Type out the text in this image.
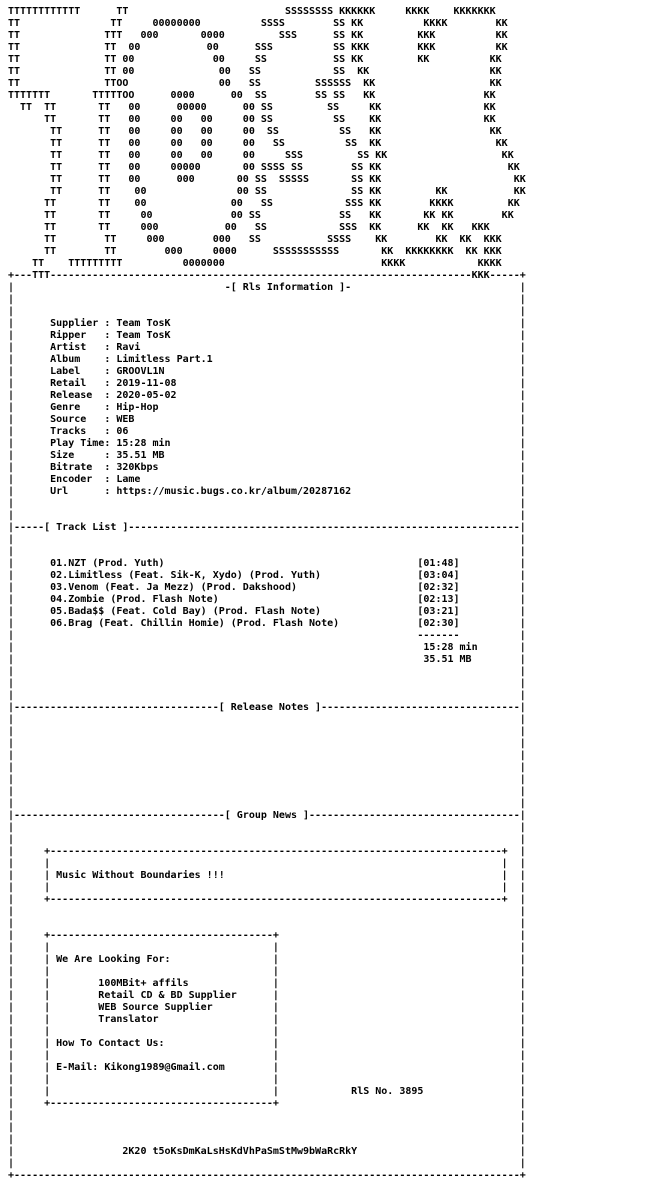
TTTTTTTTTTTT      TT                          SSSSSSSS KKKKKK     KKKK    KKKKKKK
TT               TT     00000000          SSSS        SS KK          KKKK        KK
TT              TTT   000       0000         SSS      SS KK         KKK          KK
TT              TT  00           00      SSS          SS KKK        KKK          KK
TT              TT 00             00     SS           SS KK         KK          KK
TT              TT 00              00   SS            SS  KK                    KK
TT              TTOO               00   SS         SSSSSS  KK                   KK
TTTTTTT       TTTTTOO      0000      00  SS        SS SS   KK                  KK
TT  TT       TT   00      00000      00 SS         SS     KK                 KK
TT       TT   00     00   00     00 SS          SS    KK                 KK
TT      TT   00     00   00     00  SS          SS   KK                  KK
TT      TT   00     00   00     00   SS          SS  KK                   KK
TT      TT   00     00   00     00     SSS         SS KK                   KK
TT      TT   00     00000       00 SSSS SS        SS KK                     KK
TT      TT   00      000       00 SS  SSSSS       SS KK                      KK
TT      TT    00               00 SS              SS KK         KK           KK
TT       TT    00              00   SS            SSS KK        KKKK         KK
TT       TT     00             00 SS             SS   KK       KK KK        KK
TT       TT     000           00   SS            SSS  KK      KK  KK   KKK
TT        TT     000        000   SS           SSSS    KK        KK  KK  KKK
TT        TT        000     0000      SSSSSSSSSSS       KK  KKKKKKKK  KK KKK
TT    TTTTTTTTT          0000000                          KKKK            KKKK
+---TTT----------------------------------------------------------------------KKK-----+
|                                   -[ Rls Information ]-                            |
|                                                                                    |
|                                                                                    |
|      Supplier : Team TosK                                                          |
|      Ripper   : Team TosK                                                          |
|      Artist   : Ravi                                                               |
|      Album    : Limitless Part.1                                                   |
|      Label    : GROOVL1N                                                           |
|      Retail   : 2019-11-08                                                         |
|      Release  : 2020-05-02                                                         |
|      Genre    : Hip-Hop                                                            |
|      Source   : WEB                                                                |
|      Tracks   : 06                                                                 |
|      Play Time: 15:28 min                                                          |
|      Size     : 35.51 MB                                                           |
|      Bitrate  : 320Kbps                                                            |
|      Encoder  : Lame                                                               |
|      Url      : https://music.bugs.co.kr/album/20287162                            |
|                                                                                    |
|                                                                                    |
|-----[ Track List ]-----------------------------------------------------------------|
|                                                                                    |
|                                                                                    |
|      01.NZT (Prod. Yuth)                                          [01:48]          |
|      02.Limitless (Feat. Sik-K, Xydo) (Prod. Yuth)                [03:04]          |
|      03.Venom (Feat. Ja Mezz) (Prod. Dakshood)                    [02:32]          |
|      04.Zombie (Prod. Flash Note)                                 [02:13]          |
|      05.Bada$$ (Feat. Cold Bay) (Prod. Flash Note)                [03:21]          |
|      06.Brag (Feat. Chillin Homie) (Prod. Flash Note)             [02:30]          |
|                                                                   -------          |
|                                                                    15:28 min       |
|                                                                    35.51 MB        |
|                                                                                    |
|                                                                                    |
|                                                                                    |
|----------------------------------[ Release Notes ]---------------------------------|
|                                                                                    |
|                                                                                    |
|                                                                                    |
|                                                                                    |
|                                                                                    |
|                                                                                    |
|                                                                                    |
|                                                                                    |
|-----------------------------------[ Group News ]-----------------------------------|
|                                                                                    |
|                                                                                    |
|     +---------------------------------------------------------------------------+  |
|     |                                                                           |  |
|     | Music Without Boundaries !!!                                              |  |
|     |                                                                           |  |
|     +---------------------------------------------------------------------------+  |
|                                                                                    |
|                                                                                    |
|     +-------------------------------------+                                        |
|     |                                     |                                        |
|     | We Are Looking For:                 |                                        |
|     |                                     |                                        |
|     |        100MBit+ affils              |                                        |
|     |        Retail CD & BD Supplier      |                                        |
|     |        WEB Source Supplier          |                                        |
|     |        Translator                   |                                        |
|     |                                     |                                        |
|     | How To Contact Us:                  |                                        |
|     |                                     |                                        |
|     | E-Mail: Kikong1989@Gmail.com        |                                        |
|     |                                     |                                        |
|     |                                     |            RlS No. 3895                |
|     +-------------------------------------+                                        |
|                                                                                    |
|                                                                                    |
|                                                                                    |
|                  2K20 t5oKsDmKaLsHsKdVhPaSmStMw9bWaRcRkY                           |
|                                                                                    |
+------------------------------------------------------------------------------------+
